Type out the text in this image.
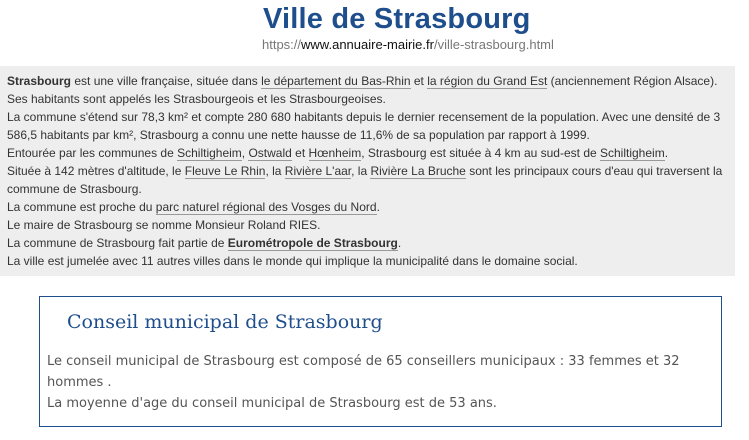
Ville de Strasbourg
https://www.annuaire-mairie.fr/ville-strasbourg.html

Strasbourg est une ville française, située dans le département du Bas-Rhin et la région du Grand Est (anciennement Région Alsace). Ses habitants sont appelés les Strasbourgeois et les Strasbourgeoises.

La commune s'étend sur 78,3 km² et compte 280 680 habitants depuis le dernier recensement de la population. Avec une densité de 3 586,5 habitants par km², Strasbourg a connu une nette hausse de 11,6% de sa population par rapport à 1999.

Entourée par les communes de Schiltigheim, Ostwald et Hœnheim, Strasbourg est située à 4 km au sud-est de Schiltigheim.

Située à 142 mètres d'altitude, le Fleuve Le Rhin, la Rivière L'aar, la Rivière La Bruche sont les principaux cours d'eau qui traversent la commune de Strasbourg.

La commune est proche du parc naturel régional des Vosges du Nord.

Le maire de Strasbourg se nomme Monsieur Roland RIES.

La commune de Strasbourg fait partie de Eurométropole de Strasbourg.

La ville est jumelée avec 11 autres villes dans le monde qui implique la municipalité dans le domaine social.

Conseil municipal de Strasbourg

Le conseil municipal de Strasbourg est composé de 65 conseillers municipaux : 33 femmes et 32 hommes .

La moyenne d'age du conseil municipal de Strasbourg est de 53 ans.
